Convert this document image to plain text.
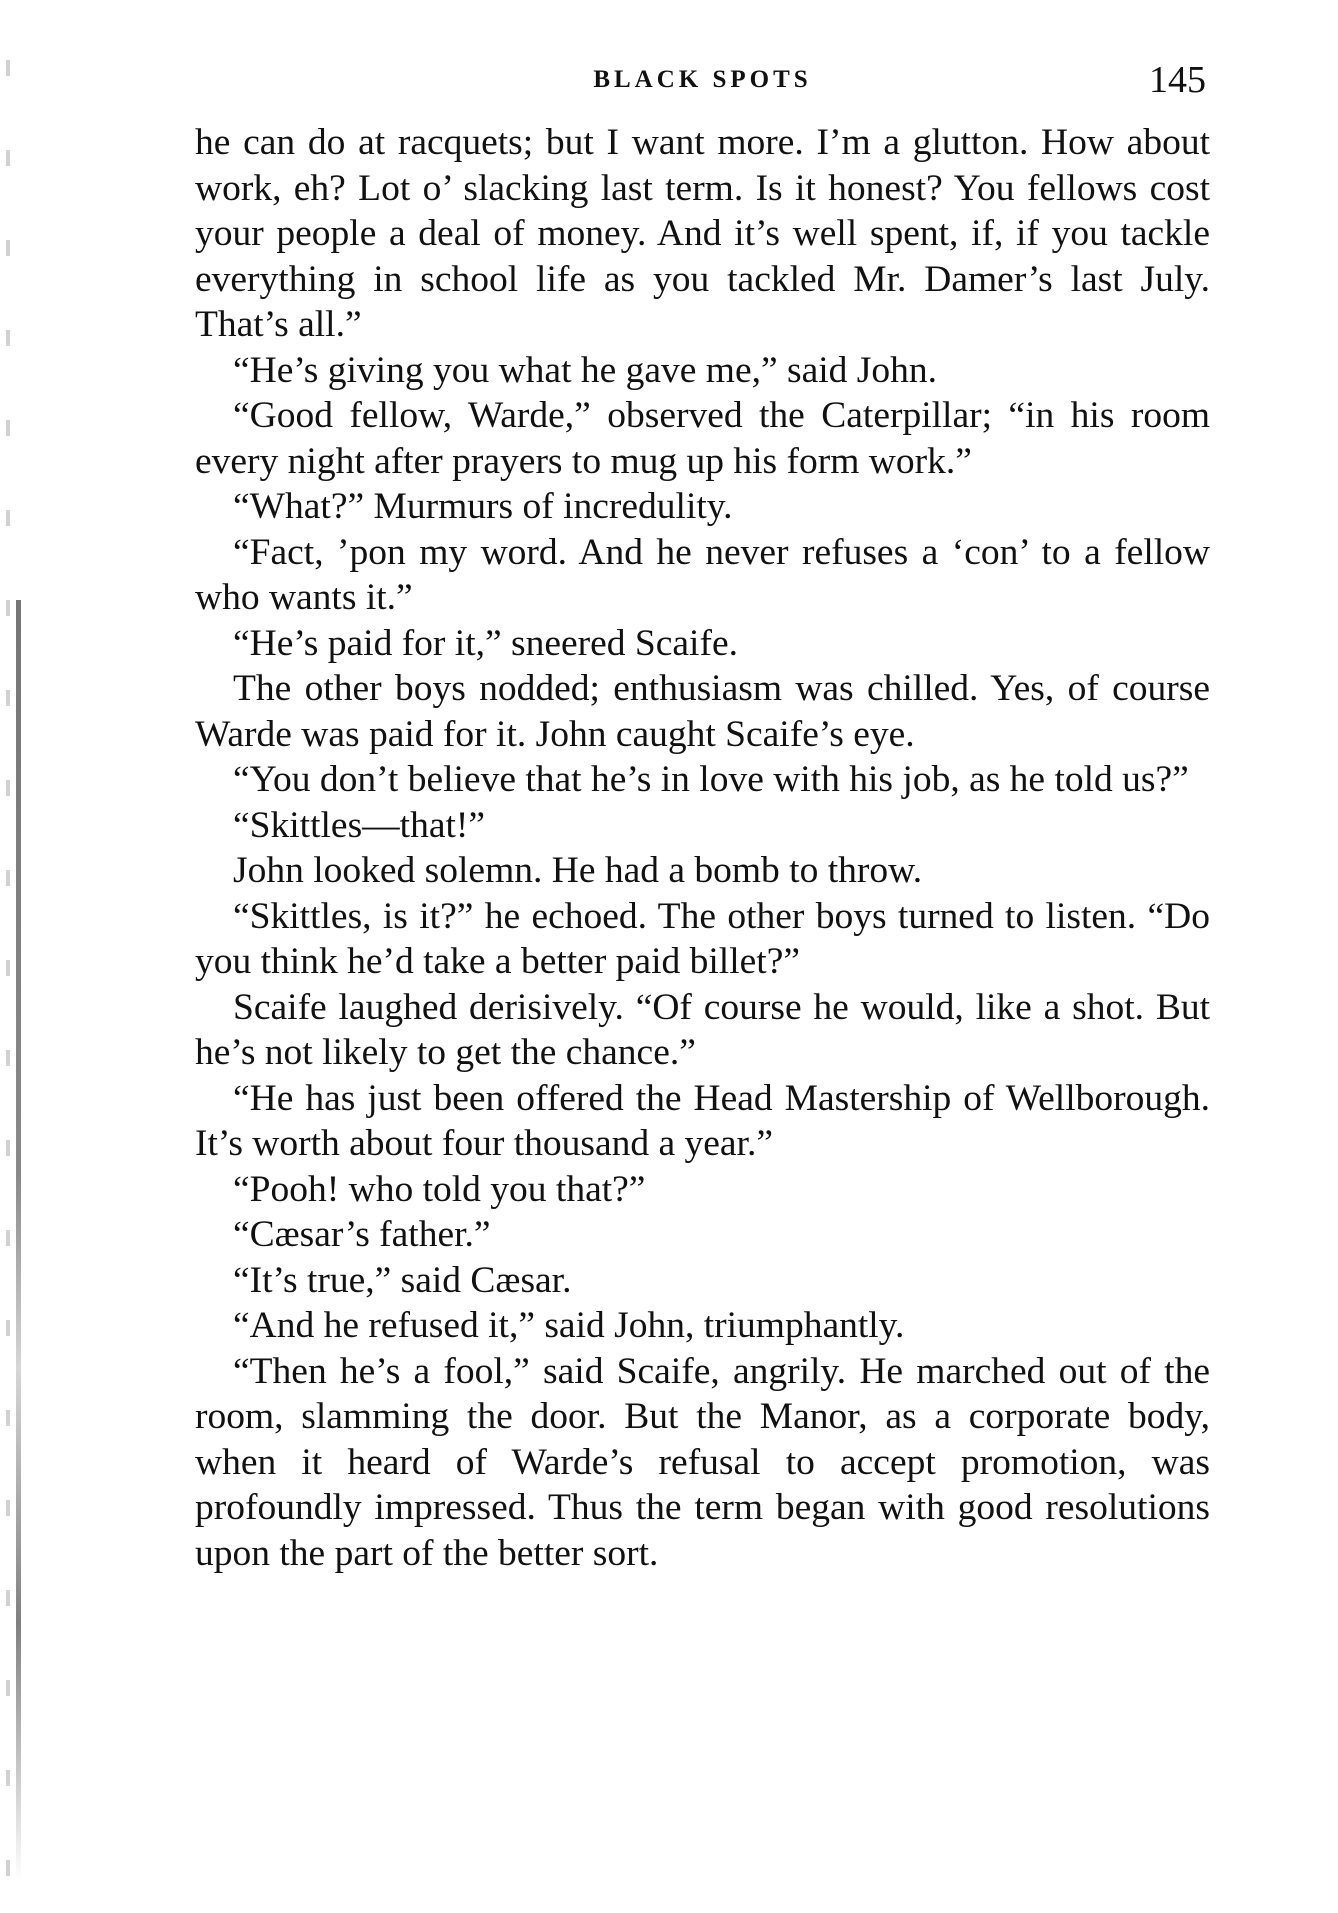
BLACK SPOTS	145

he can do at racquets; but I want more. I’m a glutton. How about work, eh? Lot o’ slacking last term. Is it honest? You fellows cost your people a deal of money. And it’s well spent, if, if you tackle everything in school life as you tackled Mr. Damer’s last July. That’s all.”

“He’s giving you what he gave me,” said John.

“Good fellow, Warde,” observed the Caterpillar; “in his room every night after prayers to mug up his form work.”

“What?” Murmurs of incredulity.

“Fact, ’pon my word. And he never refuses a ‘con’ to a fellow who wants it.”

“He’s paid for it,” sneered Scaife.

The other boys nodded; enthusiasm was chilled. Yes, of course Warde was paid for it. John caught Scaife’s eye.

“You don’t believe that he’s in love with his job, as he told us?”

“Skittles—that!”

John looked solemn. He had a bomb to throw.

“Skittles, is it?” he echoed. The other boys turned to listen. “Do you think he’d take a better paid billet?”

Scaife laughed derisively. “Of course he would, like a shot. But he’s not likely to get the chance.”

“He has just been offered the Head Mastership of Wellborough. It’s worth about four thousand a year.”

“Pooh! who told you that?”

“Cæsar’s father.”

“It’s true,” said Cæsar.

“And he refused it,” said John, triumphantly.

“Then he’s a fool,” said Scaife, angrily. He marched out of the room, slamming the door. But the Manor, as a corporate body, when it heard of Warde’s refusal to accept promotion, was profoundly impressed. Thus the term began with good resolutions upon the part of the better sort.
